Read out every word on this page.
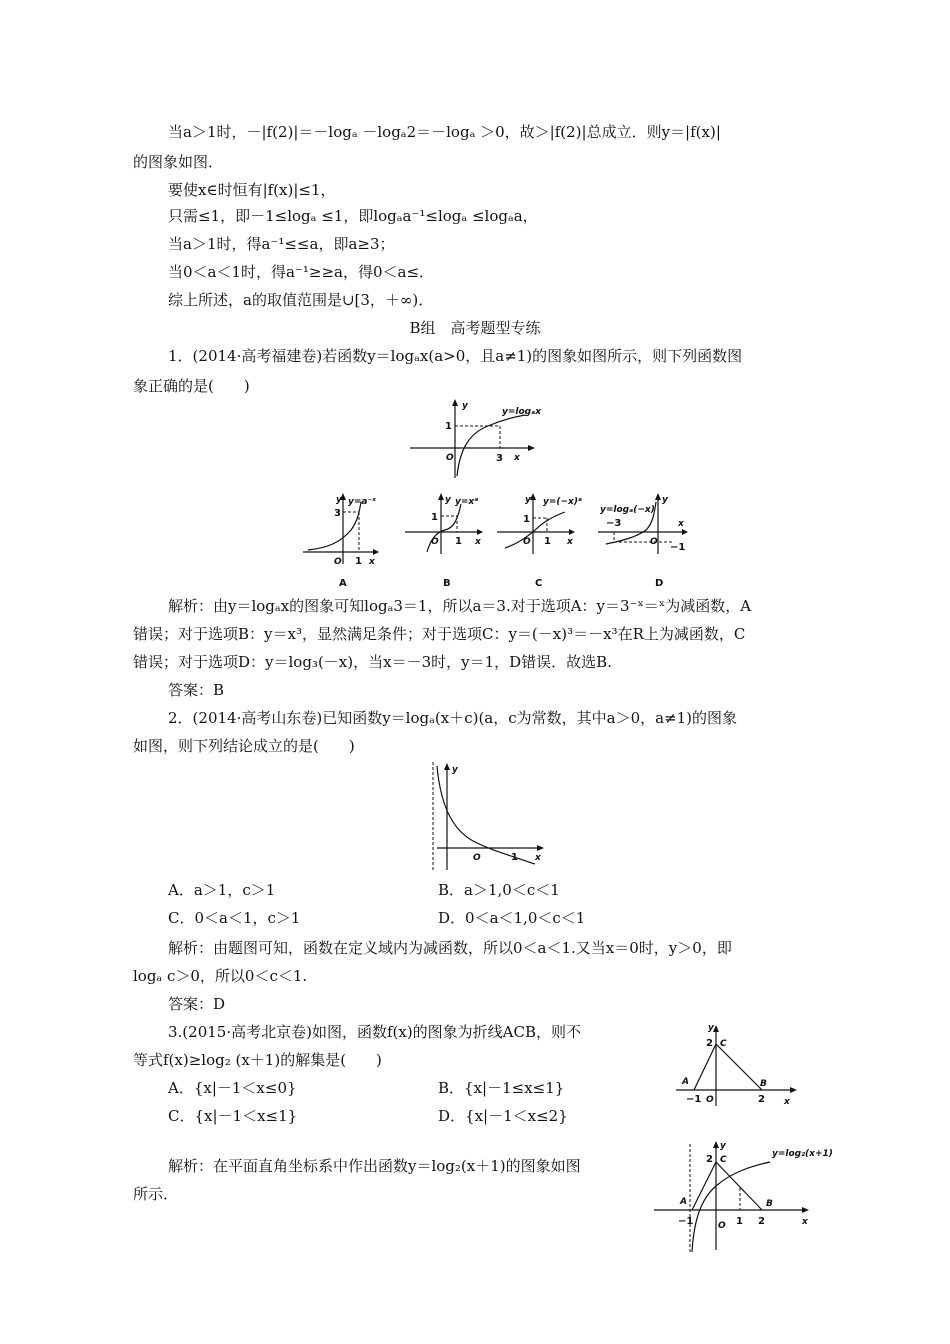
当a＞1时，－|f(2)|＝－logₐ －logₐ2＝－logₐ ＞0，故＞|f(2)|总成立．则y＝|f(x)|
的图象如图．
要使x∈时恒有|f(x)|≤1，
只需≤1，即－1≤logₐ ≤1，即logₐa⁻¹≤logₐ ≤logₐa，
当a＞1时，得a⁻¹≤≤a，即a≥3；
当0＜a＜1时，得a⁻¹≥≥a，得0＜a≤．
综上所述，a的取值范围是∪[3，＋∞)．
B组　高考题型专练
1．(2014·高考福建卷)若函数y＝logₐx(a>0，且a≠1)的图象如图所示，则下列函数图
象正确的是(　　)
y
x
1
3
O
y=logₐx
y
x
3
1
O
y=a⁻ˣ
A
y
x
1
1
O
y=xᵃ
B
y
x
1
1
O
y=(−x)ᵃ
C
y
x
−3
−1
O
y=logₐ(−x)
D
解析：由y＝logₐx的图象可知logₐ3＝1，所以a＝3.对于选项A：y＝3⁻ˣ＝ˣ为减函数，A
错误；对于选项B：y＝x³，显然满足条件；对于选项C：y＝(－x)³＝－x³在R上为减函数，C
错误；对于选项D：y＝log₃(－x)，当x＝－3时，y＝1，D错误．故选B.
答案：B
2．(2014·高考山东卷)已知函数y＝logₐ(x＋c)(a，c为常数，其中a＞0，a≠1)的图象
如图，则下列结论成立的是(　　)
y
x
O	1
A．a＞1，c＞1	B．a＞1,0＜c＜1
C．0＜a＜1，c＞1	D．0＜a＜1,0＜c＜1
解析：由题图可知，函数在定义域内为减函数，所以0＜a＜1.又当x＝0时，y＞0，即
logₐ c＞0，所以0＜c＜1.
答案：D
3.(2015·高考北京卷)如图，函数f(x)的图象为折线ACB，则不
等式f(x)≥log₂ (x＋1)的解集是(　　)
A．{x|－1＜x≤0}	B．{x|－1≤x≤1}
C．{x|－1＜x≤1}	D．{x|－1＜x≤2}
y
x
2 C
A	B
−1 O	2
解析：在平面直角坐标系中作出函数y＝log₂(x＋1)的图象如图
所示．
y
x
2 C
A	B
−1	O 1 2
y=log₂(x+1)
